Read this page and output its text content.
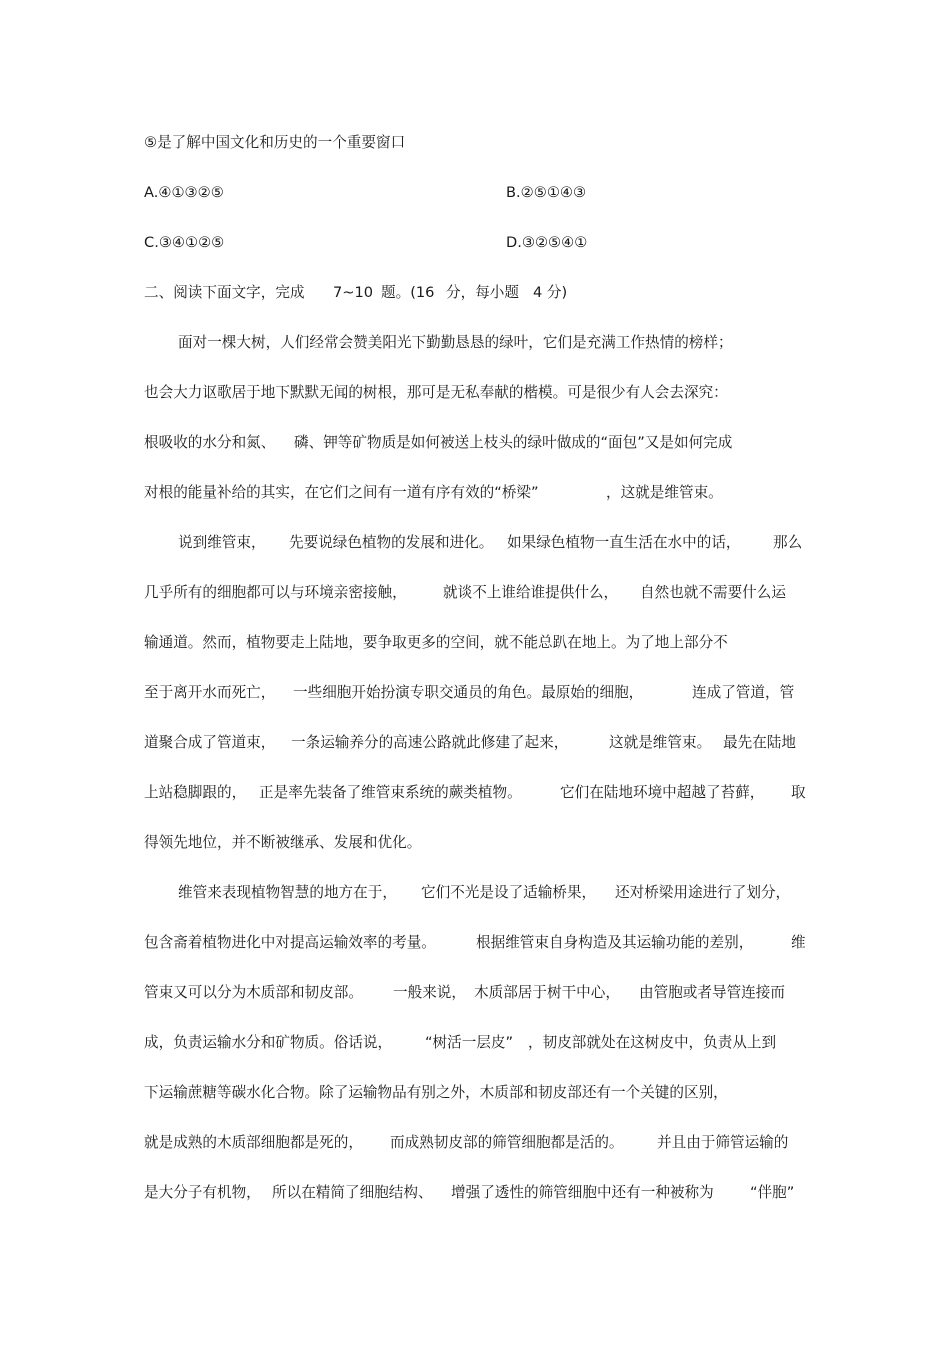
⑤是了解中国文化和历史的一个重要窗口
A.④①③②⑤	B.②⑤①④③
C.③④①②⑤	D.③②⑤④①
二、阅读下面文字，完成 7~10 题。(16 分，每小题 4 分)
面对一棵大树，人们经常会赞美阳光下勤勤恳恳的绿叶，它们是充满工作热情的榜样；
也会大力讴歌居于地下默默无闻的树根，那可是无私奉献的楷模。可是很少有人会去深究：
根吸收的水分和氮、 磷、钾等矿物质是如何被送上枝头的绿叶做成的“面包”又是如何完成
对根的能量补给的其实，在它们之间有一道有序有效的“桥梁”	，这就是维管束。
说到维管束， 先要说绿色植物的发展和进化。 如果绿色植物一直生活在水中的话， 那么
几乎所有的细胞都可以与环境亲密接触， 就谈不上谁给谁提供什么， 自然也就不需要什么运
输通道。然而，植物要走上陆地，要争取更多的空间，就不能总趴在地上。为了地上部分不
至于离开水而死亡， 一些细胞开始扮演专职交通员的角色。最原始的细胞，	连成了管道，管
道聚合成了管道束， 一条运输养分的高速公路就此修建了起来，	这就是维管束。 最先在陆地
上站稳脚跟的， 正是率先装备了维管束系统的蕨类植物。	它们在陆地环境中超越了苔藓， 取
得领先地位，并不断被继承、发展和优化。
维管来表现植物智慧的地方在于， 它们不光是设了适输桥果， 还对桥梁用途进行了划分，
包含斋着植物进化中对提高运输效率的考量。	根据维管束自身构造及其运输功能的差别，	维
管束又可以分为木质部和韧皮部。 一般来说， 木质部居于树干中心， 由管胞或者导管连接而
成，负责运输水分和矿物质。俗话说， “树活一层皮” ，韧皮部就处在这树皮中，负责从上到
下运输蔗糖等碳水化合物。除了运输物品有别之外，木质部和韧皮部还有一个关键的区别，
就是成熟的木质部细胞都是死的， 而成熟韧皮部的筛管细胞都是活的。 并且由于筛管运输的
是大分子有机物， 所以在精简了细胞结构、 增强了透性的筛管细胞中还有一种被称为 “伴胞”
